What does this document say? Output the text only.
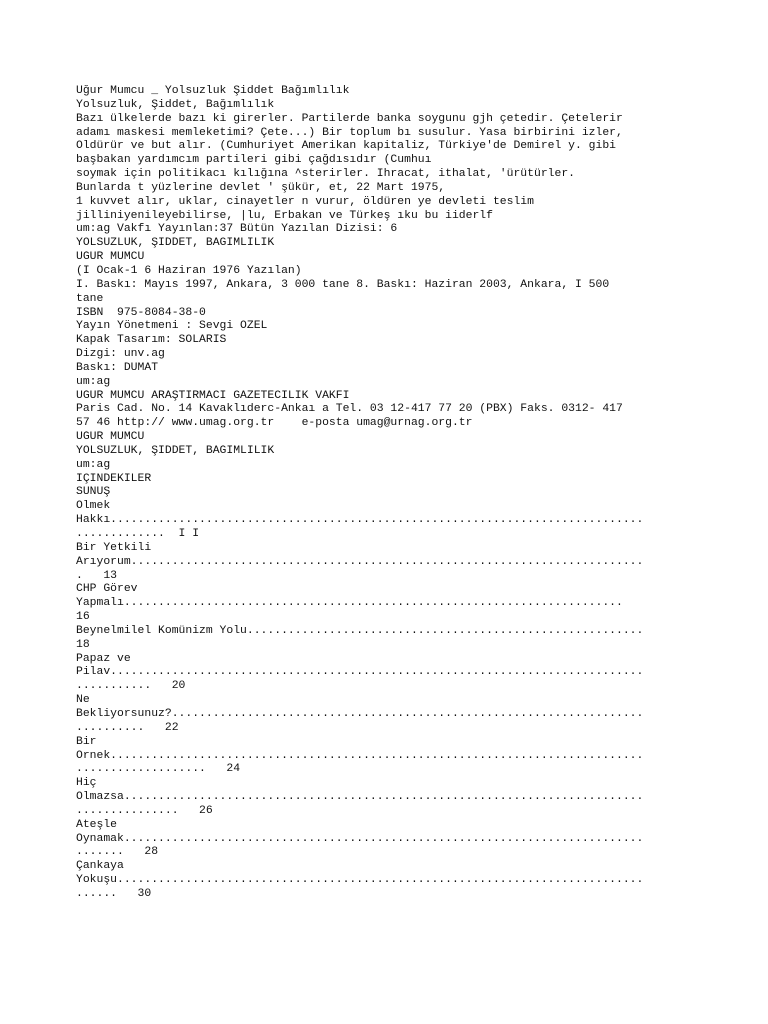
Uğur Mumcu _ Yolsuzluk Şiddet Bağımlılık
Yolsuzluk, Şiddet, Bağımlılık
Bazı ülkelerde bazı ki girerler. Partilerde banka soygunu gjh çetedir. Çetelerir
adamı maskesi memleketimi? Çete...) Bir toplum bı susulur. Yasa birbirini izler,
Öldürür ve but alır. (Cumhuriyet Amerikan kapitaliz, Türkiye'de Demirel y. gibi
başbakan yardımcım partileri gibi çağdısıdır (Cumhuı
soymak için politikacı kılığına ^sterirler. İhracat, ithalat, 'ürütürler.
Bunlarda t yüzlerine devlet ' şükür, et, 22 Mart 1975,
1 kuvvet alır, uklar, cinayetler n vurur, öldüren ye devleti teslim
jilliniyenileyebilirse, |lu, Erbakan ve Türkeş ıku bu iiderlf
um:ag Vakfı Yayınlan:37 Bütün Yazılan Dizisi: 6
YOLSUZLUK, ŞİDDET, BAGIMLILIK
UĞUR MUMCU
(I Ocak-1 6 Haziran 1976 Yazılan)
I. Baskı: Mayıs 1997, Ankara, 3 000 tane 8. Baskı: Haziran 2003, Ankara, I 500
tane
ISBN  975-8084-38-0
Yayın Yönetmeni : Sevgi ÖZEL
Kapak Tasarım: SOLARİS
Dizgi: unv.ag
Baskı: DUMAT
um:ag
UĞUR MUMCU ARAŞTIRMACI GAZETECİLİK VAKFI
Paris Cad. No. 14 Kavaklıderc-Ankaı a Tel. 03 12-417 77 20 (PBX) Faks. 0312- 417
57 46 http:// www.umag.org.tr    e-posta umag@urnag.org.tr
UĞUR MUMCU
YOLSUZLUK, ŞİDDET, BAĞIMLILIK
um:ag
İÇİNDEKİLER
SUNUŞ
Ölmek
Hakkı..............................................................................
.............  I I
Bir Yetkili
Arıyorum...........................................................................
.   13
CHP Görev
Yapmalı.........................................................................
16
Beynelmilel Komünizm Yolu..........................................................
18
Papaz ve
Pilav..............................................................................
...........   20
Ne
Bekliyorsunuz?.....................................................................
..........   22
Bir
Örnek..............................................................................
...................   24
Hiç
Olmazsa............................................................................
...............   26
Ateşle
Oynamak............................................................................
.......   28
Çankaya
Yokuşu.............................................................................
......   30
